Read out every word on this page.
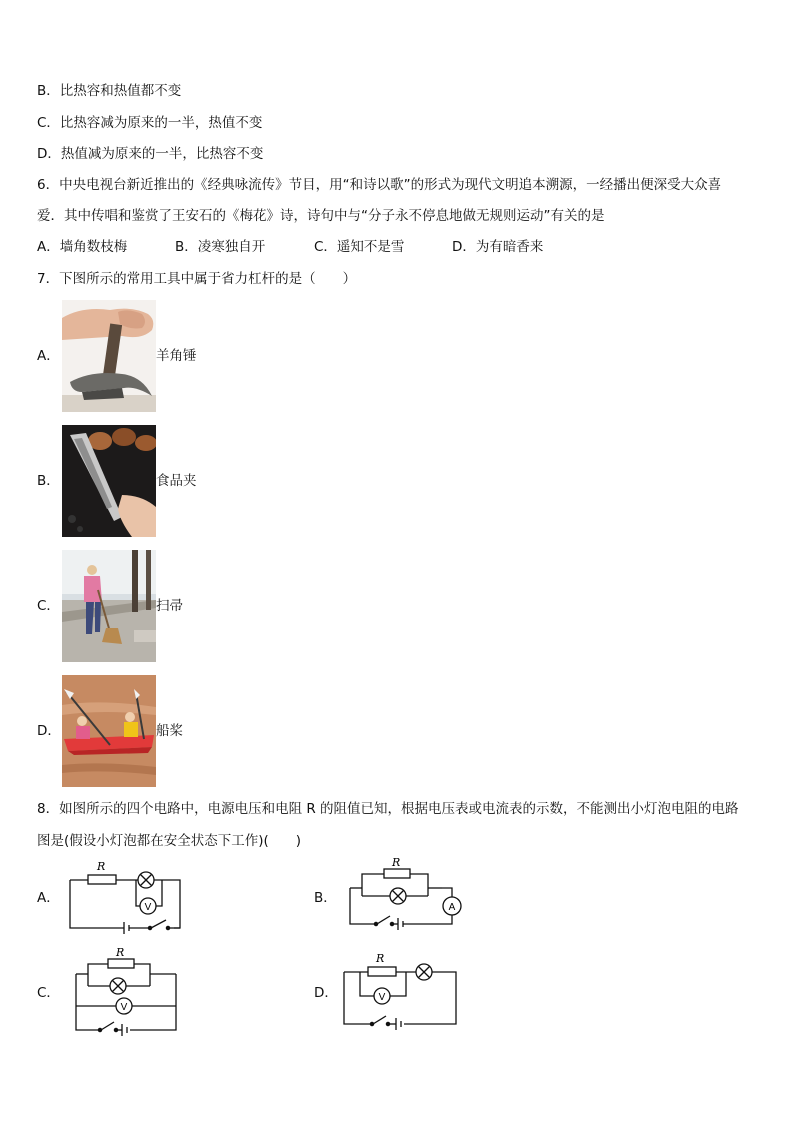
B．比热容和热值都不变
C．比热容减为原来的一半，热值不变
D．热值减为原来的一半，比热容不变
6．中央电视台新近推出的《经典咏流传》节目，用“和诗以歌”的形式为现代文明追本溯源，一经播出便深受大众喜
爱．其中传唱和鉴赏了王安石的《梅花》诗，诗句中与“分子永不停息地做无规则运动”有关的是
A．墙角数枝梅	B．凌寒独自开	C．遥知不是雪	D．为有暗香来
7．下图所示的常用工具中属于省力杠杆的是（　　）
A．	羊角锤
B．	食品夹
C．	扫帚
D．	船桨
8．如图所示的四个电路中，电源电压和电阻 R 的阻值已知，根据电压表或电流表的示数，不能测出小灯泡电阻的电路
图是(假设小灯泡都在安全状态下工作)(　　)
A．
R
V
B．
R
A
C．
R
V
D．
R
V
